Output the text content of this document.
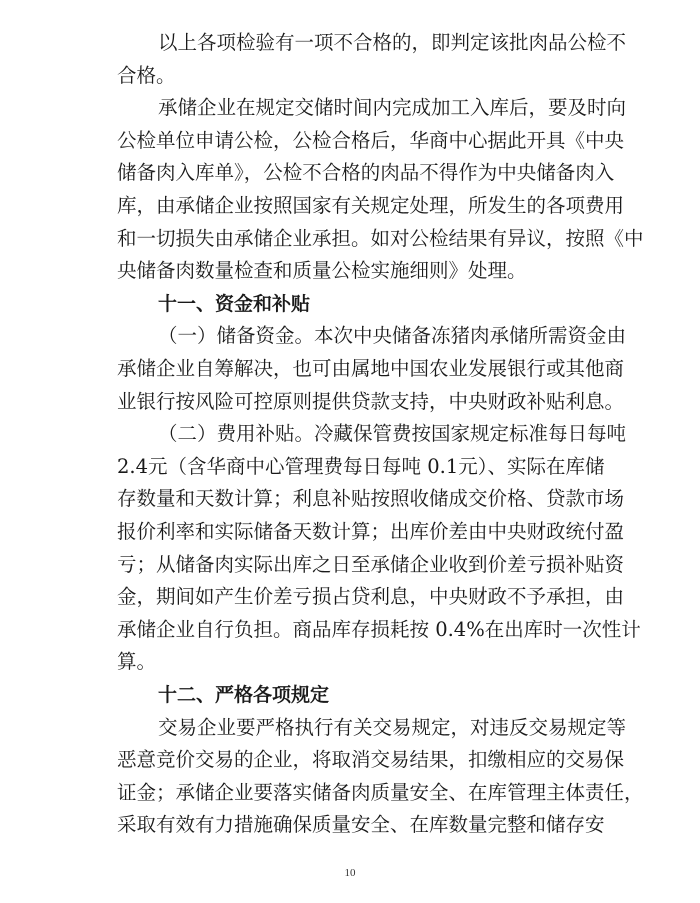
以上各项检验有一项不合格的，即判定该批肉品公检不
合格。
承储企业在规定交储时间内完成加工入库后，要及时向
公检单位申请公检，公检合格后，华商中心据此开具《中央
储备肉入库单》，公检不合格的肉品不得作为中央储备肉入
库，由承储企业按照国家有关规定处理，所发生的各项费用
和一切损失由承储企业承担。如对公检结果有异议，按照《中
央储备肉数量检查和质量公检实施细则》处理。
十一、资金和补贴
（一）储备资金。本次中央储备冻猪肉承储所需资金由
承储企业自筹解决，也可由属地中国农业发展银行或其他商
业银行按风险可控原则提供贷款支持，中央财政补贴利息。
（二）费用补贴。冷藏保管费按国家规定标准每日每吨
2.4元（含华商中心管理费每日每吨 0.1元）、实际在库储
存数量和天数计算；利息补贴按照收储成交价格、贷款市场
报价利率和实际储备天数计算；出库价差由中央财政统付盈
亏；从储备肉实际出库之日至承储企业收到价差亏损补贴资
金，期间如产生价差亏损占贷利息，中央财政不予承担，由
承储企业自行负担。商品库存损耗按 0.4%在出库时一次性计
算。
十二、严格各项规定
交易企业要严格执行有关交易规定，对违反交易规定等
恶意竞价交易的企业，将取消交易结果，扣缴相应的交易保
证金；承储企业要落实储备肉质量安全、在库管理主体责任，
采取有效有力措施确保质量安全、在库数量完整和储存安
10
